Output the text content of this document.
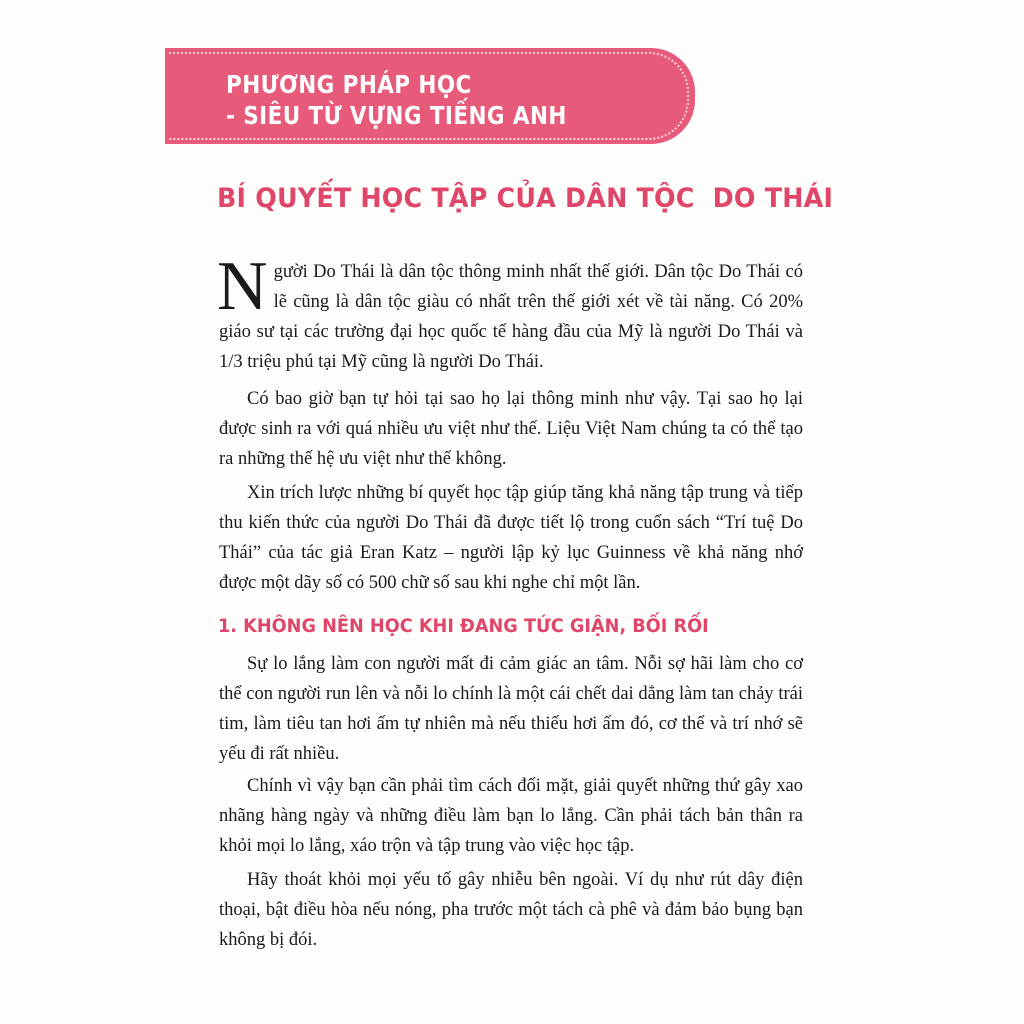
PHƯƠNG PHÁP HỌC
- SIÊU TỪ VỰNG TIẾNG ANH
BÍ QUYẾT HỌC TẬP CỦA DÂN TỘC  DO THÁI

Người Do Thái là dân tộc thông minh nhất thế giới. Dân tộc Do Thái có lẽ cũng là dân tộc giàu có nhất trên thế giới xét về tài năng. Có 20% giáo sư tại các trường đại học quốc tế hàng đầu của Mỹ là người Do Thái và 1/3 triệu phú tại Mỹ cũng là người Do Thái.

Có bao giờ bạn tự hỏi tại sao họ lại thông minh như vậy. Tại sao họ lại được sinh ra với quá nhiều ưu việt như thế. Liệu Việt Nam chúng ta có thể tạo ra những thế hệ ưu việt như thế không.

Xin trích lược những bí quyết học tập giúp tăng khả năng tập trung và tiếp thu kiến thức của người Do Thái đã được tiết lộ trong cuốn sách “Trí tuệ Do Thái” của tác giả Eran Katz – người lập kỷ lục Guinness về khả năng nhớ được một dãy số có 500 chữ số sau khi nghe chỉ một lần.

1. KHÔNG NÊN HỌC KHI ĐANG TỨC GIẬN, BỐI RỐI

Sự lo lắng làm con người mất đi cảm giác an tâm. Nỗi sợ hãi làm cho cơ thể con người run lên và nỗi lo chính là một cái chết dai dẳng làm tan chảy trái tim, làm tiêu tan hơi ấm tự nhiên mà nếu thiếu hơi ấm đó, cơ thể và trí nhớ sẽ yếu đi rất nhiều.

Chính vì vậy bạn cần phải tìm cách đối mặt, giải quyết những thứ gây xao nhãng hàng ngày và những điều làm bạn lo lắng. Cần phải tách bản thân ra khỏi mọi lo lắng, xáo trộn và tập trung vào việc học tập.

Hãy thoát khỏi mọi yếu tố gây nhiễu bên ngoài. Ví dụ như rút dây điện thoại, bật điều hòa nếu nóng, pha trước một tách cà phê và đảm bảo bụng bạn không bị đói.
